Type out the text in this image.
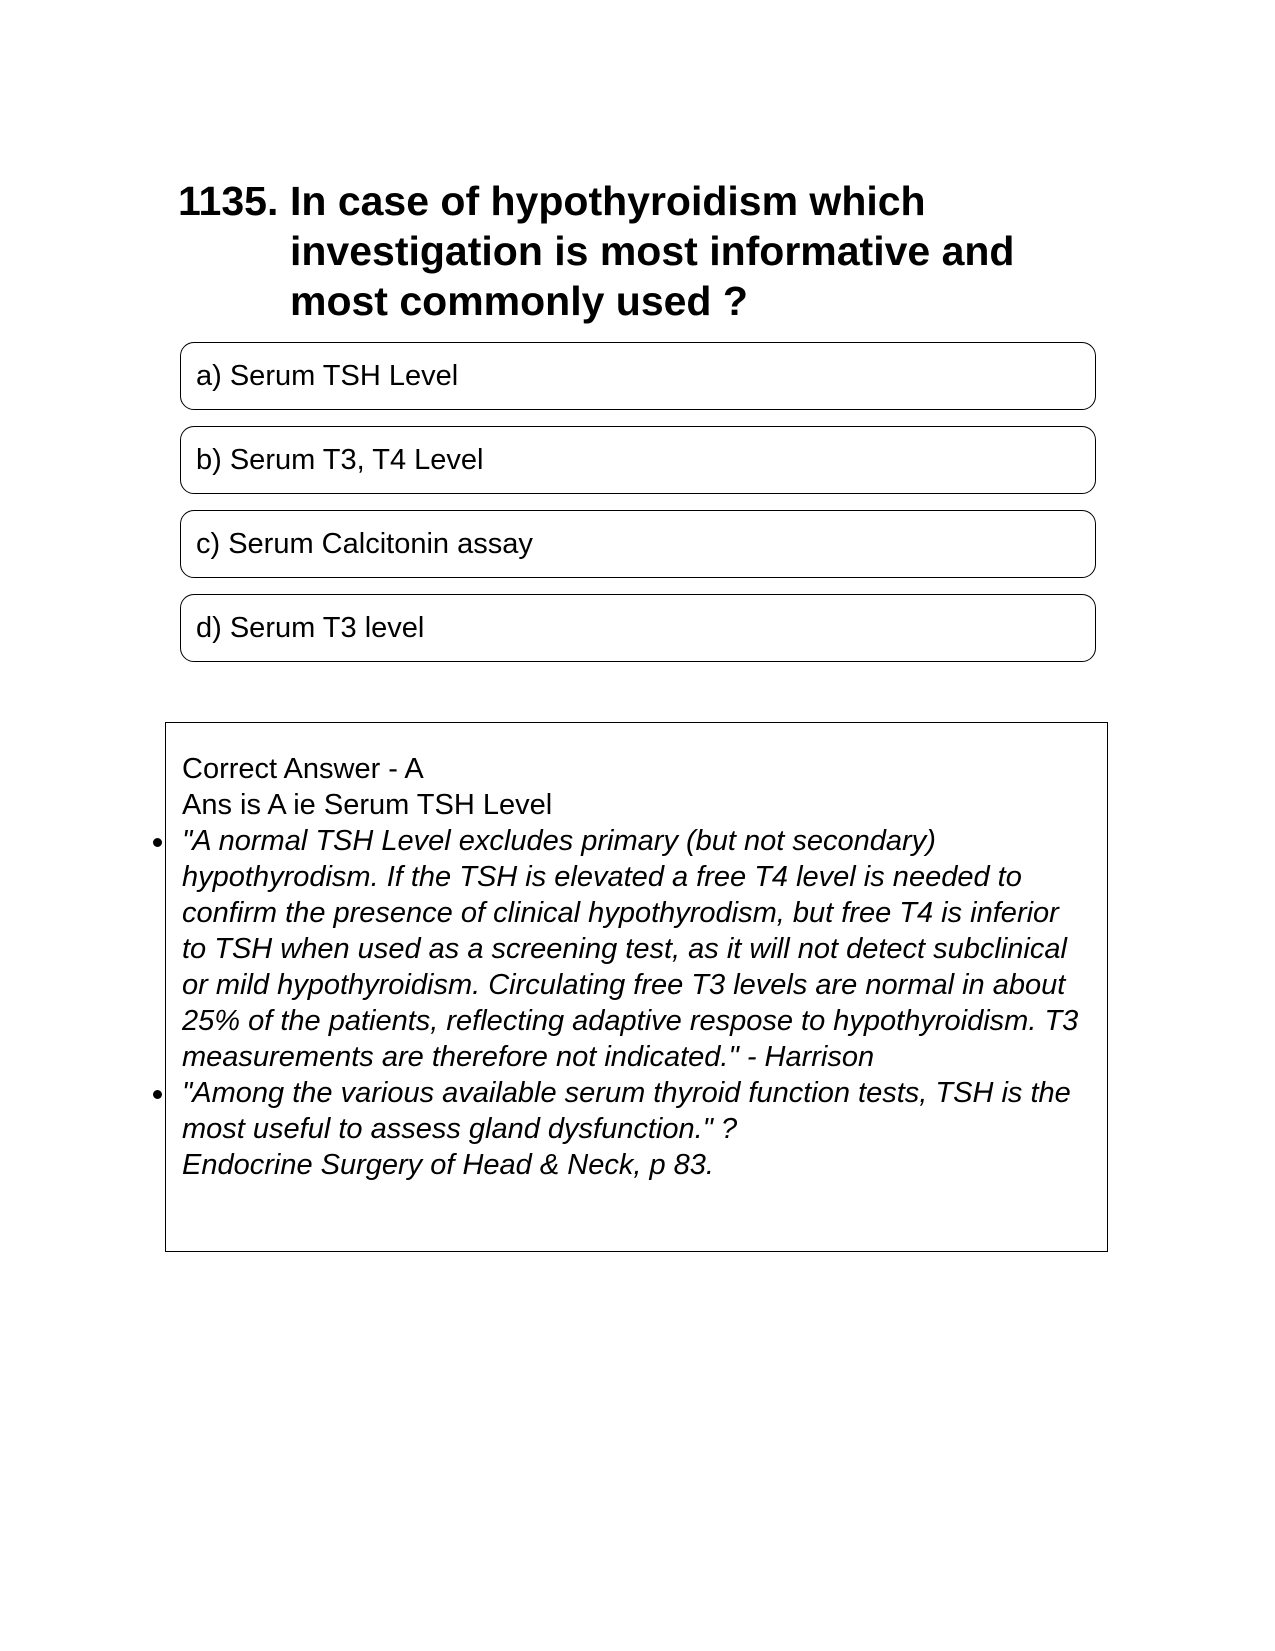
1135. In case of hypothyroidism which investigation is most informative and most commonly used ?
a) Serum TSH Level
b) Serum T3, T4 Level
c) Serum Calcitonin assay
d) Serum T3 level
Correct Answer - A
Ans is A ie Serum TSH Level
"A normal TSH Level excludes primary (but not secondary) hypothyrodism. If the TSH is elevated a free T4 level is needed to confirm the presence of clinical hypothyrodism, but free T4 is inferior to TSH when used as a screening test, as it will not detect subclinical or mild hypothyroidism. Circulating free T3 levels are normal in about 25% of the patients, reflecting adaptive respose to hypothyroidism. T3 measurements are therefore not indicated." - Harrison
"Among the various available serum thyroid function tests, TSH is the most useful to assess gland dysfunction." ?
Endocrine Surgery of Head & Neck, p 83.
